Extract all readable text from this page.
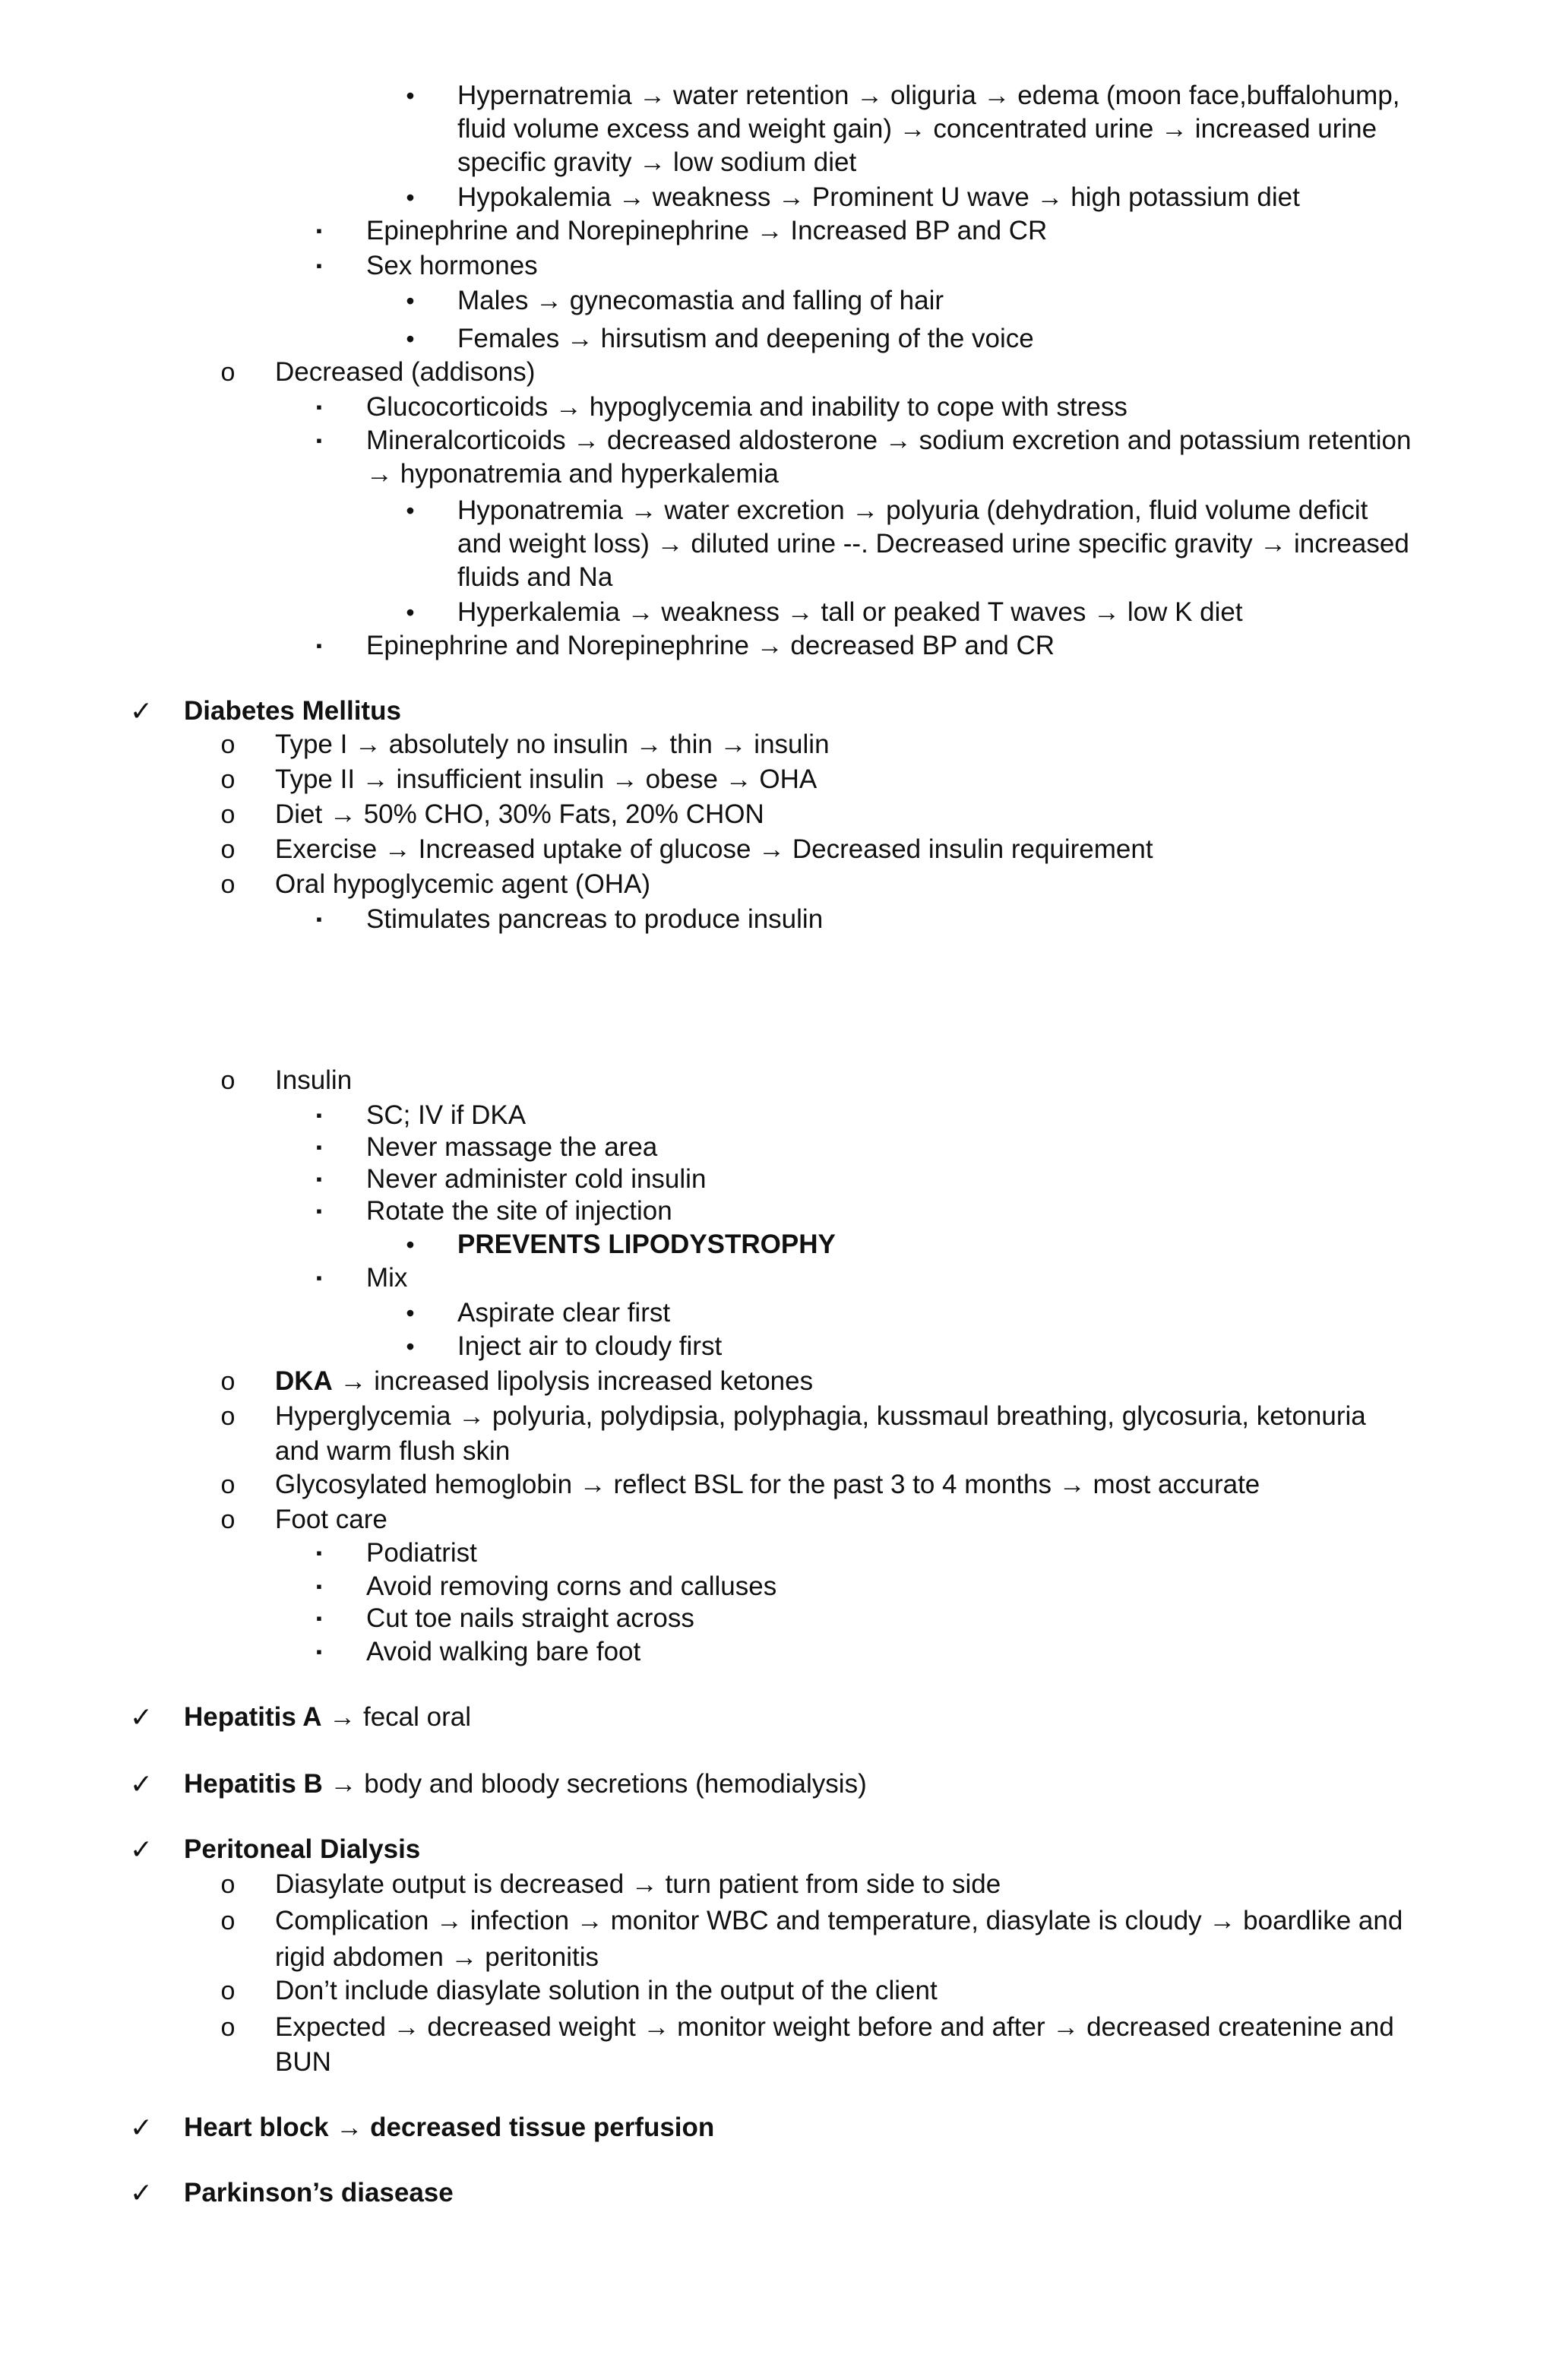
• Hypernatremia → water retention → oliguria → edema (moon face,buffalohump,
fluid volume excess and weight gain) → concentrated urine → increased urine
specific gravity → low sodium diet
• Hypokalemia → weakness → Prominent U wave → high potassium diet
▪ Epinephrine and Norepinephrine → Increased BP and CR
▪ Sex hormones
• Males → gynecomastia and falling of hair
• Females → hirsutism and deepening of the voice
o Decreased (addisons)
▪ Glucocorticoids → hypoglycemia and inability to cope with stress
▪ Mineralcorticoids → decreased aldosterone → sodium excretion and potassium retention
→ hyponatremia and hyperkalemia
• Hyponatremia → water excretion → polyuria (dehydration, fluid volume deficit
and weight loss) → diluted urine --. Decreased urine specific gravity → increased
fluids and Na
• Hyperkalemia → weakness → tall or peaked T waves → low K diet
▪ Epinephrine and Norepinephrine → decreased BP and CR
✓ Diabetes Mellitus
o Type I → absolutely no insulin → thin → insulin
o Type II → insufficient insulin → obese → OHA
o Diet → 50% CHO, 30% Fats, 20% CHON
o Exercise → Increased uptake of glucose → Decreased insulin requirement
o Oral hypoglycemic agent (OHA)
▪ Stimulates pancreas to produce insulin
o Insulin
▪ SC; IV if DKA
▪ Never massage the area
▪ Never administer cold insulin
▪ Rotate the site of injection
• PREVENTS LIPODYSTROPHY
▪ Mix
• Aspirate clear first
• Inject air to cloudy first
o DKA → increased lipolysis increased ketones
o Hyperglycemia → polyuria, polydipsia, polyphagia, kussmaul breathing, glycosuria, ketonuria
and warm flush skin
o Glycosylated hemoglobin → reflect BSL for the past 3 to 4 months → most accurate
o Foot care
▪ Podiatrist
▪ Avoid removing corns and calluses
▪ Cut toe nails straight across
▪ Avoid walking bare foot
✓ Hepatitis A → fecal oral
✓ Hepatitis B → body and bloody secretions (hemodialysis)
✓ Peritoneal Dialysis
o Diasylate output is decreased → turn patient from side to side
o Complication → infection → monitor WBC and temperature, diasylate is cloudy → boardlike and
rigid abdomen → peritonitis
o Don’t include diasylate solution in the output of the client
o Expected → decreased weight → monitor weight before and after → decreased createnine and
BUN
✓ Heart block → decreased tissue perfusion
✓ Parkinson’s diasease
